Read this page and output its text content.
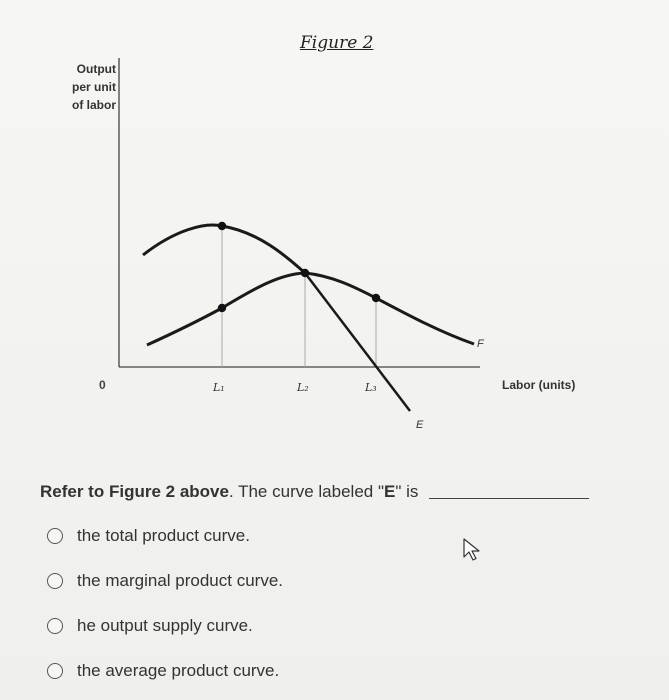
Figure 2
Output
per unit
of labor
0	L₁	L₂	L₃	Labor (units)
F
E
Refer to Figure 2 above. The curve labeled "E" is
the total product curve.
the marginal product curve.
he output supply curve.
the average product curve.
